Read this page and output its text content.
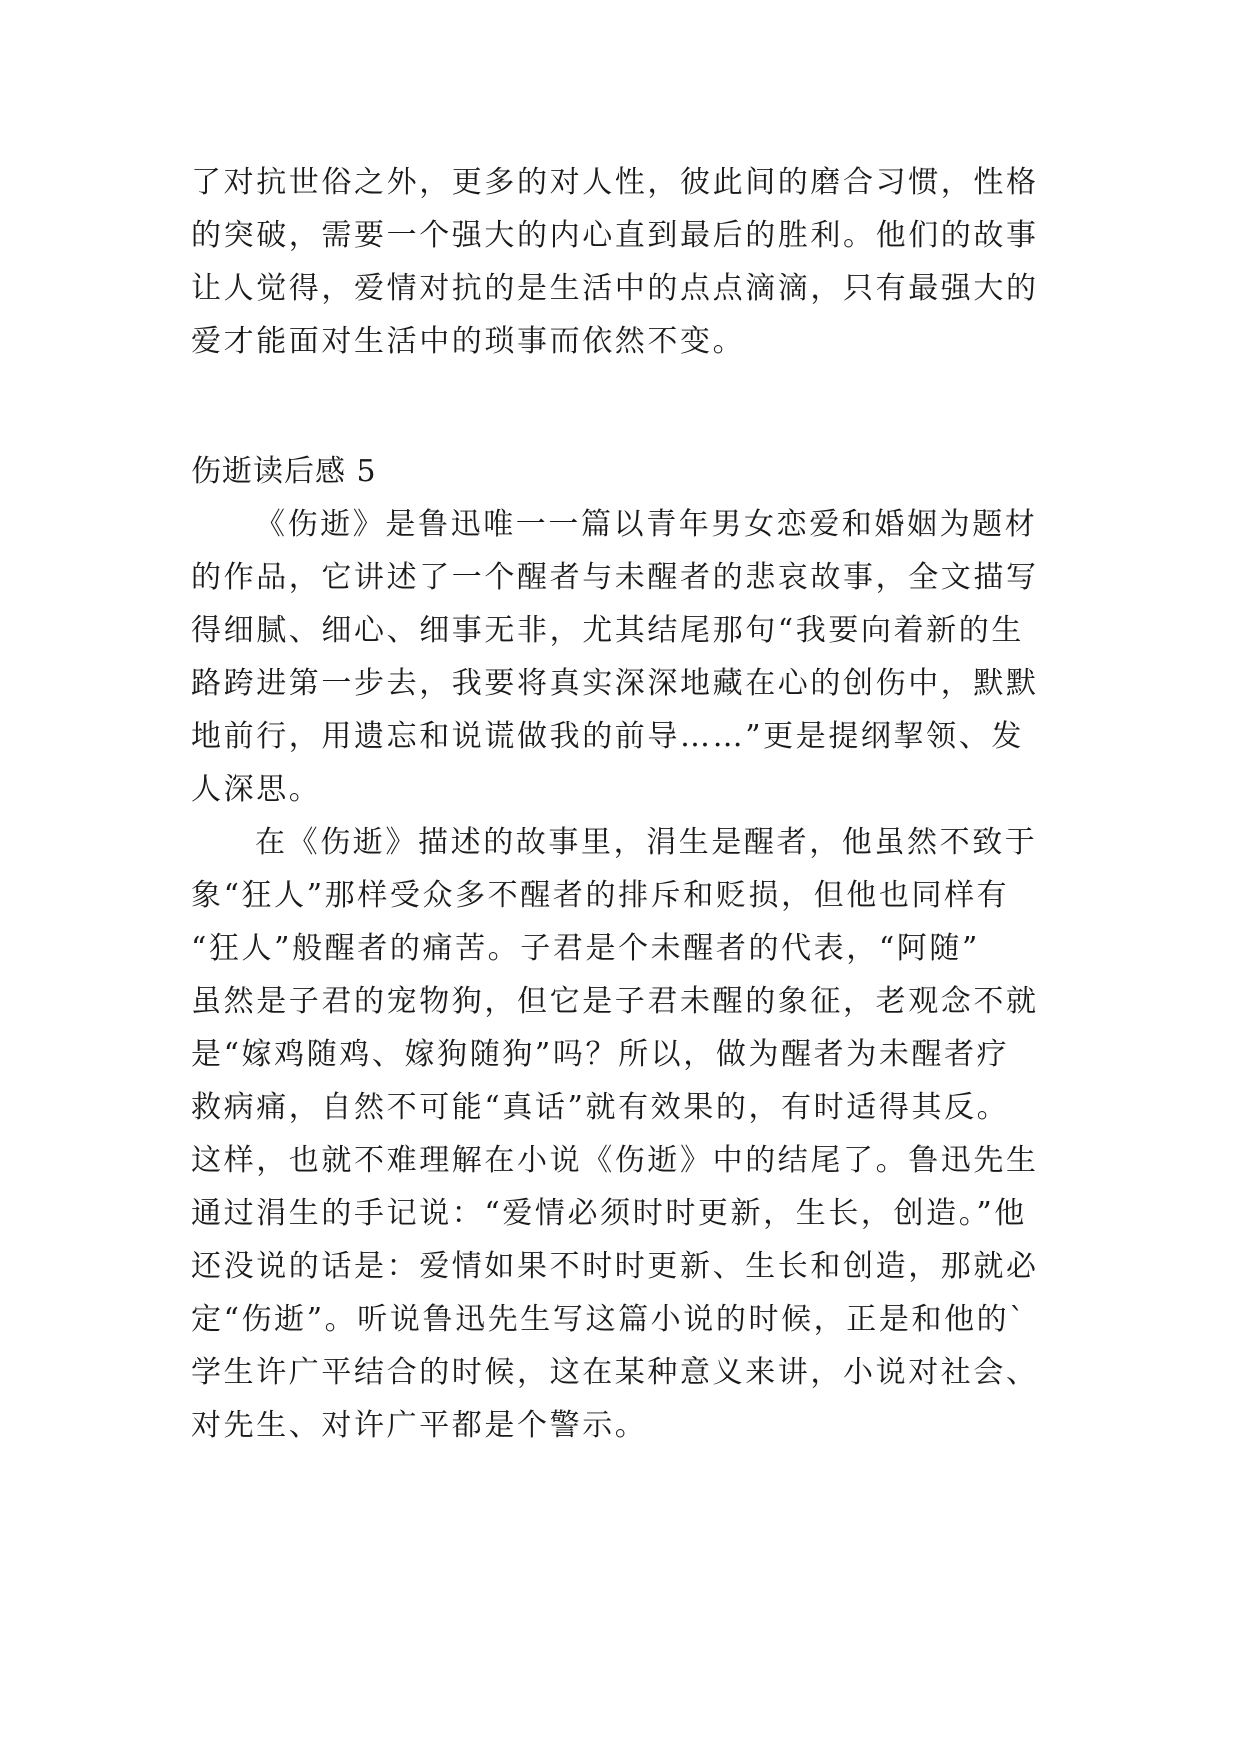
了对抗世俗之外，更多的对人性，彼此间的磨合习惯，性格
的突破，需要一个强大的内心直到最后的胜利。他们的故事
让人觉得，爱情对抗的是生活中的点点滴滴，只有最强大的
爱才能面对生活中的琐事而依然不变。
伤逝读后感 5
《伤逝》是鲁迅唯一一篇以青年男女恋爱和婚姻为题材
的作品，它讲述了一个醒者与未醒者的悲哀故事，全文描写
得细腻、细心、细事无非，尤其结尾那句“我要向着新的生
路跨进第一步去，我要将真实深深地藏在心的创伤中，默默
地前行，用遗忘和说谎做我的前导……”更是提纲挈领、发
人深思。
在《伤逝》描述的故事里，涓生是醒者，他虽然不致于
象“狂人”那样受众多不醒者的排斥和贬损，但他也同样有
“狂人”般醒者的痛苦。子君是个未醒者的代表，“阿随”
虽然是子君的宠物狗，但它是子君未醒的象征，老观念不就
是“嫁鸡随鸡、嫁狗随狗”吗？所以，做为醒者为未醒者疗
救病痛，自然不可能“真话”就有效果的，有时适得其反。
这样，也就不难理解在小说《伤逝》中的结尾了。鲁迅先生
通过涓生的手记说：“爱情必须时时更新，生长，创造。”他
还没说的话是：爱情如果不时时更新、生长和创造，那就必
定“伤逝”。听说鲁迅先生写这篇小说的时候，正是和他的`
学生许广平结合的时候，这在某种意义来讲，小说对社会、
对先生、对许广平都是个警示。
